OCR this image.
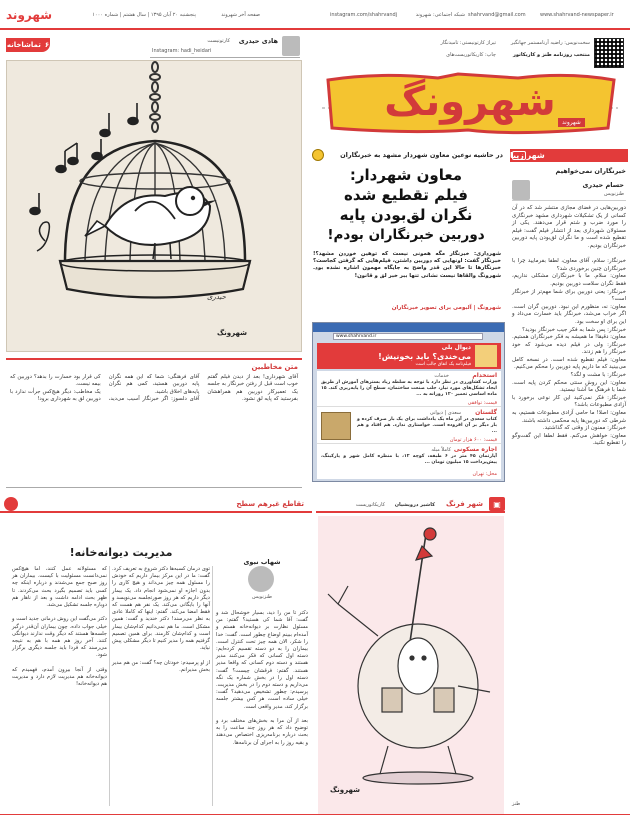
شهروند	پنجشنبه ۲۰ آبان ۱۳۹۵ | سال هشتم | شماره ۱۰۰۰	صفحه آخر شهروند	instagram.com/shahrvandj	شبکه اجتماعی: شهروند shahrvand@gmail.com	www.shahrvand-newspaper.ir
۶
تماشاخانه	هادی حیدری
کارتونیست
Instagram: hadi_heidari
حیدری
شهرونگ
سخت‌نویس: راضیه آرنا‌مستمر جهانگیر
منتخب روزنامه طنز و کاریکاتور
تیراژ کارتونیستی: تامیدنگار
چاپ: کاریکاتوریست‌های
شهرونگ	شهروند
در حاشیه نوعین معاون شهردار مشهد به خبرنگاران
معاون شهردار:
فیلم تقطیع شده
نگران لق‌بودن پایه
دوربین خبرنگاران بودم!
شهرداری: خبرنگار مگه همونی نیست که توهین خوردن مشهد؟! خبرنگار گفت: اونهایی که دوربین داشتن، فیلم‌هایی که گرفتن کجاست؟ خبرنگارها تا حالا این قدر واضح به جایگاه مهمون اشاره نشده بود. شهرونگ والقاها نیست نشانی تنها ببر خبر لق و قانون!
شهرونگ | آلبومی برای تصویر خبرنگاران
www.shahrvand.ir
دیوال بلی
می‌خندی؟ باید بخونیش!
فیلم‌نامه یک اتفاق جالب است
استخدام
خدمات
وزارت کشاورزی در نظر دارد با توجه به سلطه زیاد بسترهای آموزش از طریق ایجاد تشکل‌های مورد نیاز، جلب صنعت ساختمان، سطح آن را پایه‌ریزی کند. ۱۵ ماده اساسی تعمیر ۱۲۰ روزانه به ...
قیمت: توافقی
گلستان
سعدی | دیوانی
کتاب سعدی در آذر ماه یک یادداشت برای یک بار صرف کرده و بار دیگر بر آن افزوده است. خواستاری ندارد. هم افتاد و هم ...
قیمت: ۶۰۰ هزار تومان
اجاره مسکونی
کاملاً مبله
آپارتمان ۴۵ متر در ۶ طبقه، کوچه ۱۲، با منظره کامل شهر و پارکینگ، پیش‌پرداخت ۱۵ میلیون تومان ...
محل: تهران
شهر زیبا
خبرنگاران نمی‌خواهیم
حسام حیدری
طنزنویس
دوربین‌هایی در فضای مجازی منتشر شد که در آن کسانی از یک تشکیلات شهرداری مشهد خبرنگاری را مورد ضرب و شتم قرار می‌دهند. یکی از مسئولان شهرداری بعد از انتشار فیلم گفت: فیلم تقطیع شده است و ما نگران لق‌بودن پایه دوربین خبرنگاران بودیم.

خبرنگار: سلام، آقای معاون، لطفا بفرمایید چرا با خبرنگاران چنین برخوردی شد؟
معاون: سلام. ما با خبرنگاران مشکلی نداریم، فقط نگران سلامت دوربین بودیم.
خبرنگار: یعنی دوربین برای شما مهم‌تر از خبرنگار است؟
معاون: نه، منظورم این نبود. دوربین گران است. اگر خراب می‌شد، خبرنگار باید خسارت می‌داد و این برای او سخت بود.
خبرنگار: پس شما به فکر جیب خبرنگار بودید؟
معاون: دقیقا! ما همیشه به فکر خبرنگاران هستیم.
خبرنگار: ولی در فیلم دیده می‌شود که خود خبرنگار را هم زدند.
معاون: فیلم تقطیع شده است. در نسخه کامل می‌بینید که ما داریم پایه دوربین را محکم می‌کنیم.
خبرنگار: با مشت و لگد؟
معاون: این روش سنتی محکم کردن پایه است. شما با فرهنگ ما آشنا نیستید.
خبرنگار: فکر نمی‌کنید این کار نوعی برخورد با آزادی مطبوعات باشد؟
معاون: اصلا! ما حامی آزادی مطبوعات هستیم، به شرطی که دوربین‌ها پایه محکمی داشته باشند.
خبرنگار: ممنون از وقتی که گذاشتید.
معاون: خواهش می‌کنم. فقط لطفا این گفت‌وگو را تقطیع نکنید.
طنز
متن مخاطبین
آقای شهرداری! بعد از دیدن فیلم گفتم خوب است قبل از رفتن خبرنگار به جلسه یک تعمیرکار دوربین هم همراهشان بفرستید که پایه لق نشود.
آقای فرهنگی: شما که این همه نگران پایه دوربین هستید، کمی هم نگران پایه‌های اخلاق باشید.
آقای دلسوز: اگر خبرنگار آسیب می‌دید، کی قرار بود خسارت را بدهد؟ دوربین که بیمه نیست.
یک مخاطب: دیگر هیچ‌کس جرأت ندارد با دوربین لق به شهرداری برود!
▣
شهر فرنگ
کاشیر درویشیان
کاریکاتوریست
تقاطع غیرهم سطح
شهرونگ
مدیریت دیوانه‌خانه!
شهاب نبوی
طنزنویس
که مسئولانه عمل کنند، اما هیچ‌کس نمی‌دانست مسئولیت با کیست. بیماران هر روز صبح جمع می‌شدند و درباره اینکه چه کسی باید تصمیم بگیرد بحث می‌کردند. تا ظهر بحث ادامه داشت و بعد از ناهار هم دوباره جلسه تشکیل می‌شد.

دکتر می‌گفت این روش درمانی جدید است و خیلی جواب داده. چون بیماران آن‌قدر درگیر جلسه‌ها هستند که دیگر وقت ندارند دیوانگی کنند. آخر روز هم همه با هم به نتیجه می‌رسند که فردا باید جلسه دیگری برگزار شود.

وقتی از آنجا بیرون آمدم، فهمیدم که دیوانه‌خانه هم مدیریت لازم دارد و مدیریت هم دیوانه‌خانه!
توی درمان کسبه‌ها دکتر شروع به تعریف کرد. گفت: ما در این مرکز بیمار داریم که خودش را مسئول همه چیز می‌داند و هیچ کاری را بدون اجازه او نمی‌شود انجام داد. یک بیمار دیگر داریم که هر روز صورتجلسه می‌نویسد و آنها را بایگانی می‌کند. یک نفر هم هست که فقط امضا می‌کند. گفتم: اینها که کاملا عادی به نظر می‌رسند! دکتر خندید و گفت: همین مشکل است. ما هم نمی‌دانیم کدام‌شان بیمار است و کدام‌شان کارمند. برای همین تصمیم گرفتیم همه را مدیر کنیم تا دیگر مشکلی پیش نیاید.

از او پرسیدم: خودتان چه؟ گفت: من هم مدیر بخش مدیرانم.
دکتر تا من را دید، بسیار خوشحال شد و گفت: آقا شما کی هستید؟ گفتم: من مسئول نظارت بر دیوانه‌خانه هستم و آمده‌ام ببینم اوضاع چطور است. گفت: خدا را شکر، الان همه چیز تحت کنترل است. بیماران را به دو دسته تقسیم کرده‌ایم: دسته اول کسانی که فکر می‌کنند مدیر هستند و دسته دوم کسانی که واقعا مدیر هستند. گفتم: فرقشان چیست؟ گفت: دسته اول را در بخش شماره یک نگه می‌داریم و دسته دوم را در بخش مدیریت. پرسیدم: چطور تشخیص می‌دهید؟ گفت: خیلی ساده است، هر کس بیشتر جلسه برگزار کند، مدیر واقعی است.

بعد از آن مرا به بخش‌های مختلف برد و توضیح داد که هر روز چند ساعت را به بحث درباره برنامه‌ریزی اختصاص می‌دهند و بقیه روز را به اجرای آن برنامه‌ها.
